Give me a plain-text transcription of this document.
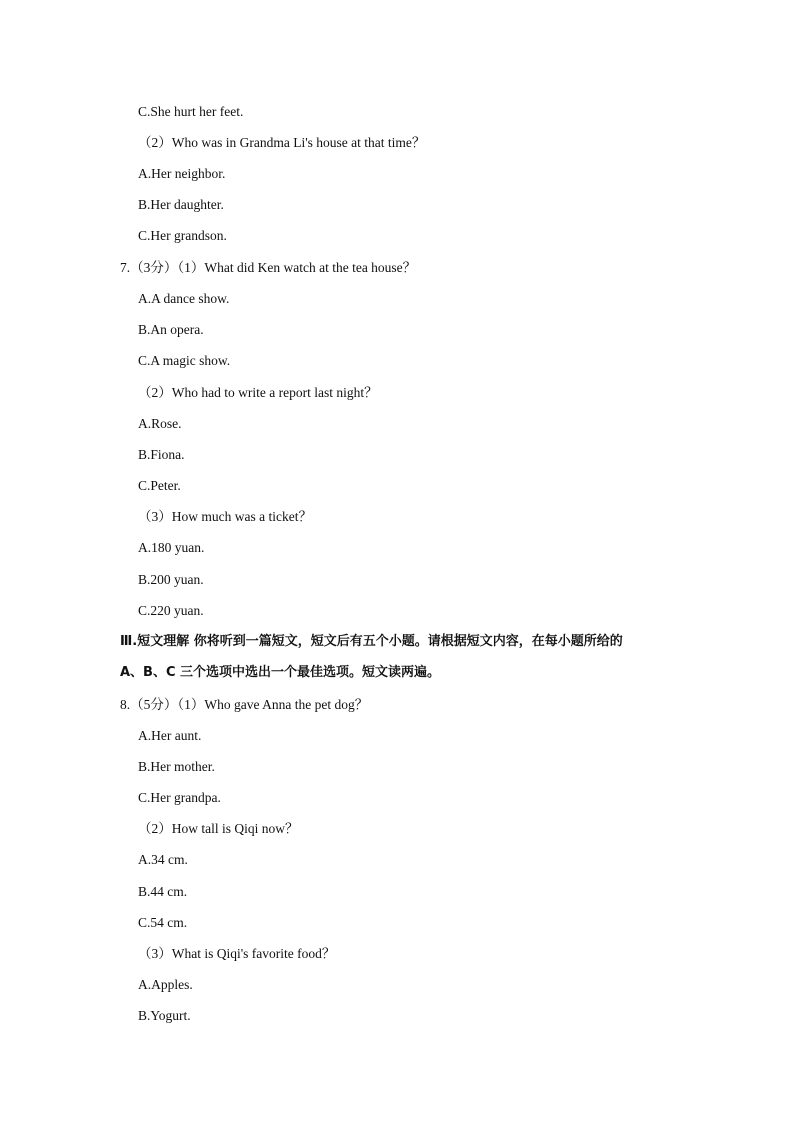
C.She hurt her feet.
（2）Who was in Grandma Li's house at that time？
A.Her neighbor.
B.Her daughter.
C.Her grandson.
7.（3分）（1）What did Ken watch at the tea house？
A.A dance show.
B.An opera.
C.A magic show.
（2）Who had to write a report last night？
A.Rose.
B.Fiona.
C.Peter.
（3）How much was a ticket？
A.180 yuan.
B.200 yuan.
C.220 yuan.
Ⅲ.短文理解 你将听到一篇短文，短文后有五个小题。请根据短文内容，在每小题所给的
A、B、C 三个选项中选出一个最佳选项。短文读两遍。
8.（5分）（1）Who gave Anna the pet dog？
A.Her aunt.
B.Her mother.
C.Her grandpa.
（2）How tall is Qiqi now？
A.34 cm.
B.44 cm.
C.54 cm.
（3）What is Qiqi's favorite food？
A.Apples.
B.Yogurt.
